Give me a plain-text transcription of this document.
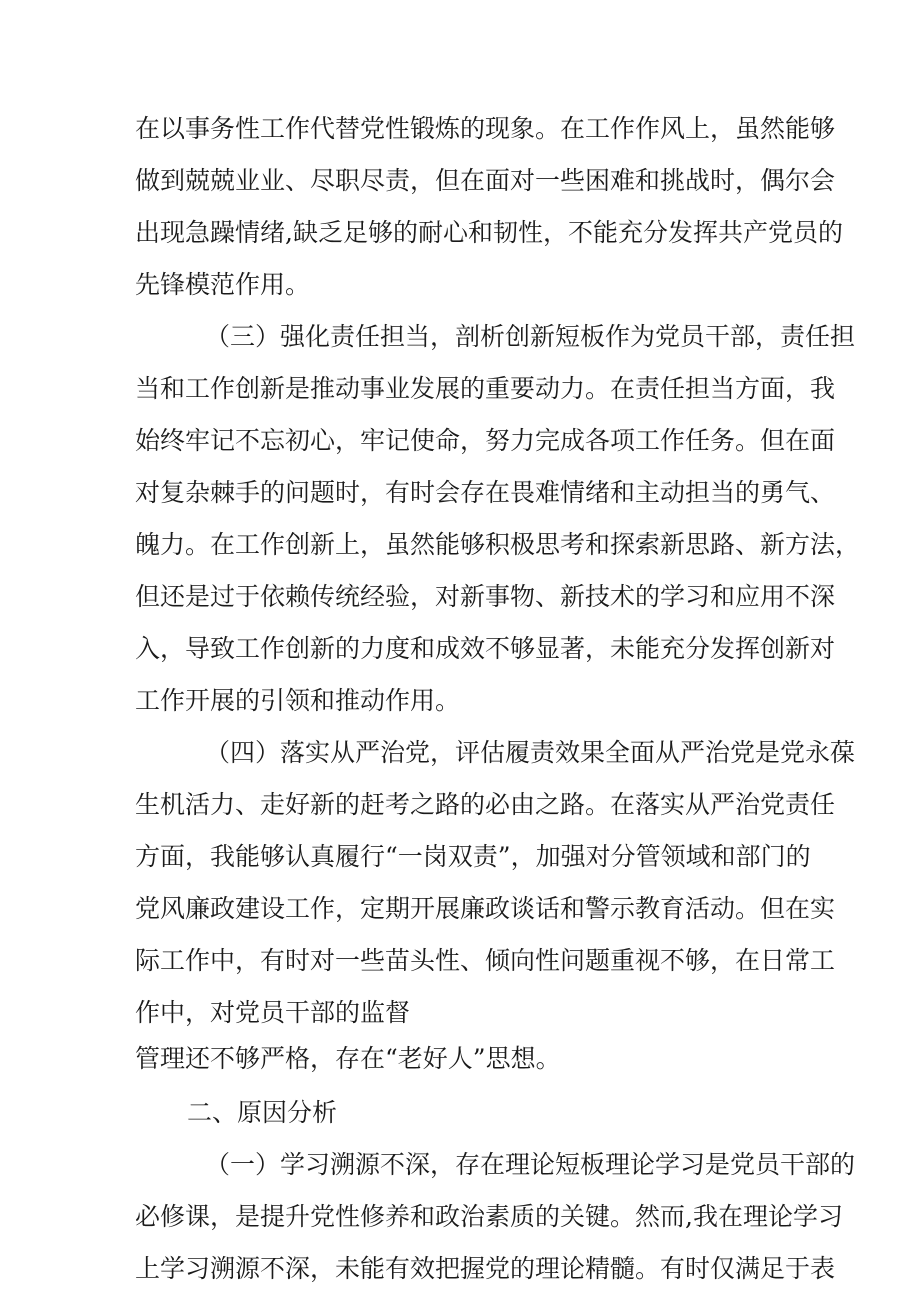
在以事务性工作代替党性锻炼的现象。在工作作风上，虽然能够
做到兢兢业业、尽职尽责，但在面对一些困难和挑战时，偶尔会
出现急躁情绪,缺乏足够的耐心和韧性，不能充分发挥共产党员的
先锋模范作用。
（三）强化责任担当，剖析创新短板作为党员干部，责任担
当和工作创新是推动事业发展的重要动力。在责任担当方面，我
始终牢记不忘初心，牢记使命，努力完成各项工作任务。但在面
对复杂棘手的问题时，有时会存在畏难情绪和主动担当的勇气、
魄力。在工作创新上，虽然能够积极思考和探索新思路、新方法，
但还是过于依赖传统经验，对新事物、新技术的学习和应用不深
入，导致工作创新的力度和成效不够显著，未能充分发挥创新对
工作开展的引领和推动作用。
（四）落实从严治党，评估履责效果全面从严治党是党永葆
生机活力、走好新的赶考之路的必由之路。在落实从严治党责任
方面，我能够认真履行“一岗双责”，加强对分管领域和部门的
党风廉政建设工作，定期开展廉政谈话和警示教育活动。但在实
际工作中，有时对一些苗头性、倾向性问题重视不够，在日常工
作中，对党员干部的监督
管理还不够严格，存在“老好人”思想。
二、原因分析
（一）学习溯源不深，存在理论短板理论学习是党员干部的
必修课，是提升党性修养和政治素质的关键。然而,我在理论学习
上学习溯源不深，未能有效把握党的理论精髓。有时仅满足于表
